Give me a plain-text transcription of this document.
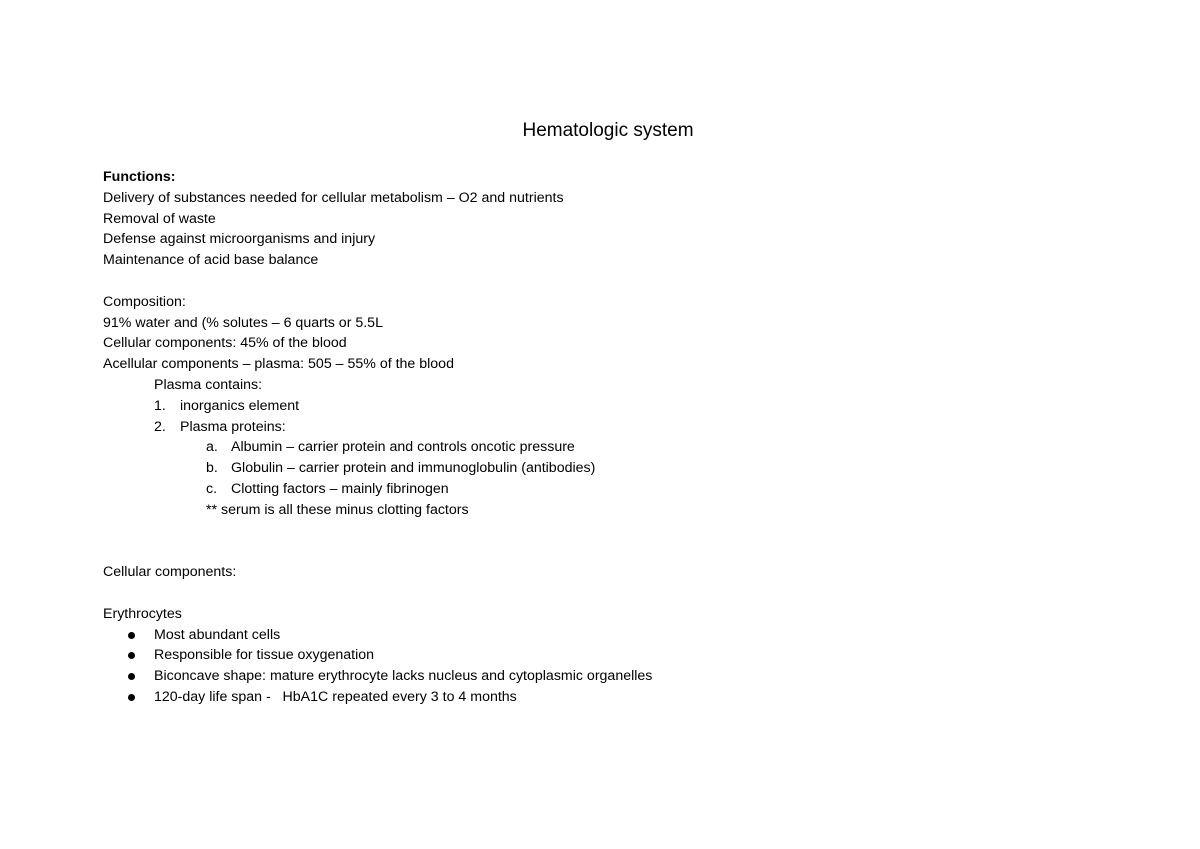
Hematologic system
Functions:
Delivery of substances needed for cellular metabolism – O2 and nutrients
Removal of waste
Defense against microorganisms and injury
Maintenance of acid base balance
Composition:
91% water and (% solutes – 6 quarts or 5.5L
Cellular components: 45% of the blood
Acellular components – plasma: 505 – 55% of the blood
Plasma contains:
1. inorganics element
2. Plasma proteins:
a. Albumin – carrier protein and controls oncotic pressure
b. Globulin – carrier protein and immunoglobulin (antibodies)
c. Clotting factors – mainly fibrinogen
** serum is all these minus clotting factors
Cellular components:
Erythrocytes
Most abundant cells
Responsible for tissue oxygenation
Biconcave shape: mature erythrocyte lacks nucleus and cytoplasmic organelles
120-day life span -   HbA1C repeated every 3 to 4 months
